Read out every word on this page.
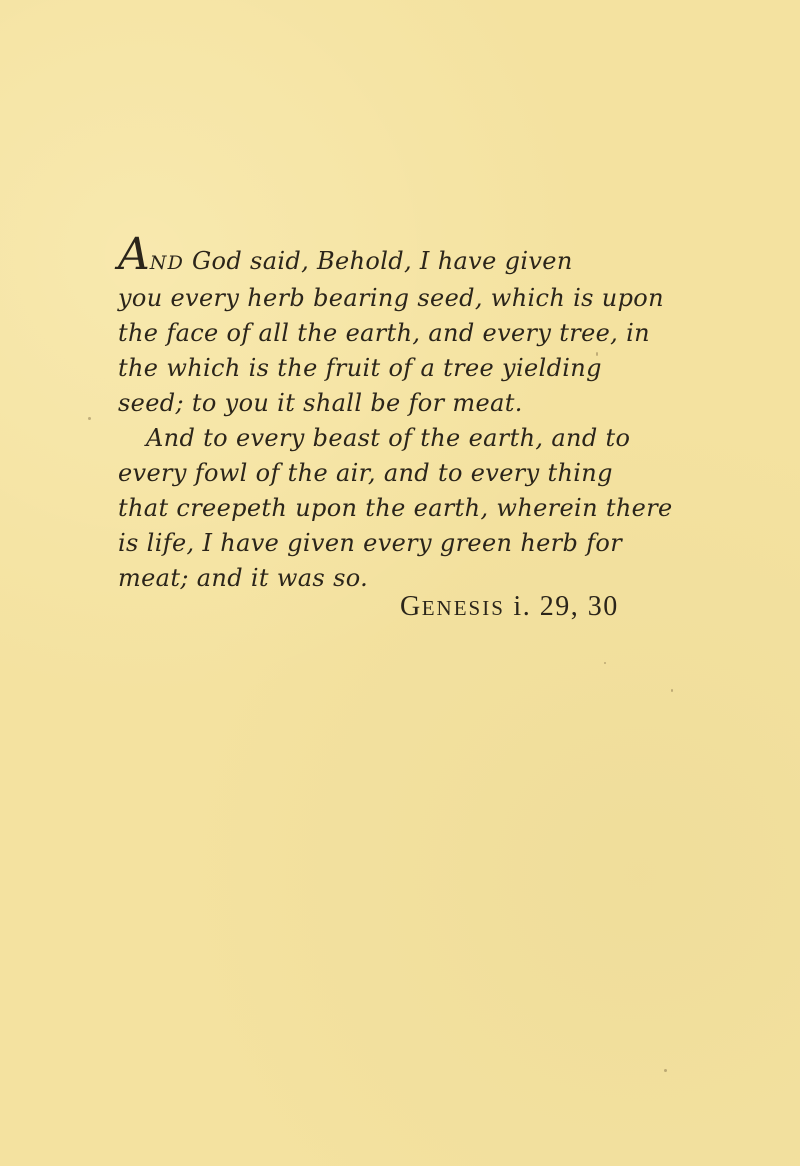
AND God said, Behold, I have given
you every herb bearing seed, which is upon
the face of all the earth, and every tree, in
the which is the fruit of a tree yielding
seed; to you it shall be for meat.
And to every beast of the earth, and to
every fowl of the air, and to every thing
that creepeth upon the earth, wherein there
is life, I have given every green herb for
meat; and it was so.
GENESIS i. 29, 30
